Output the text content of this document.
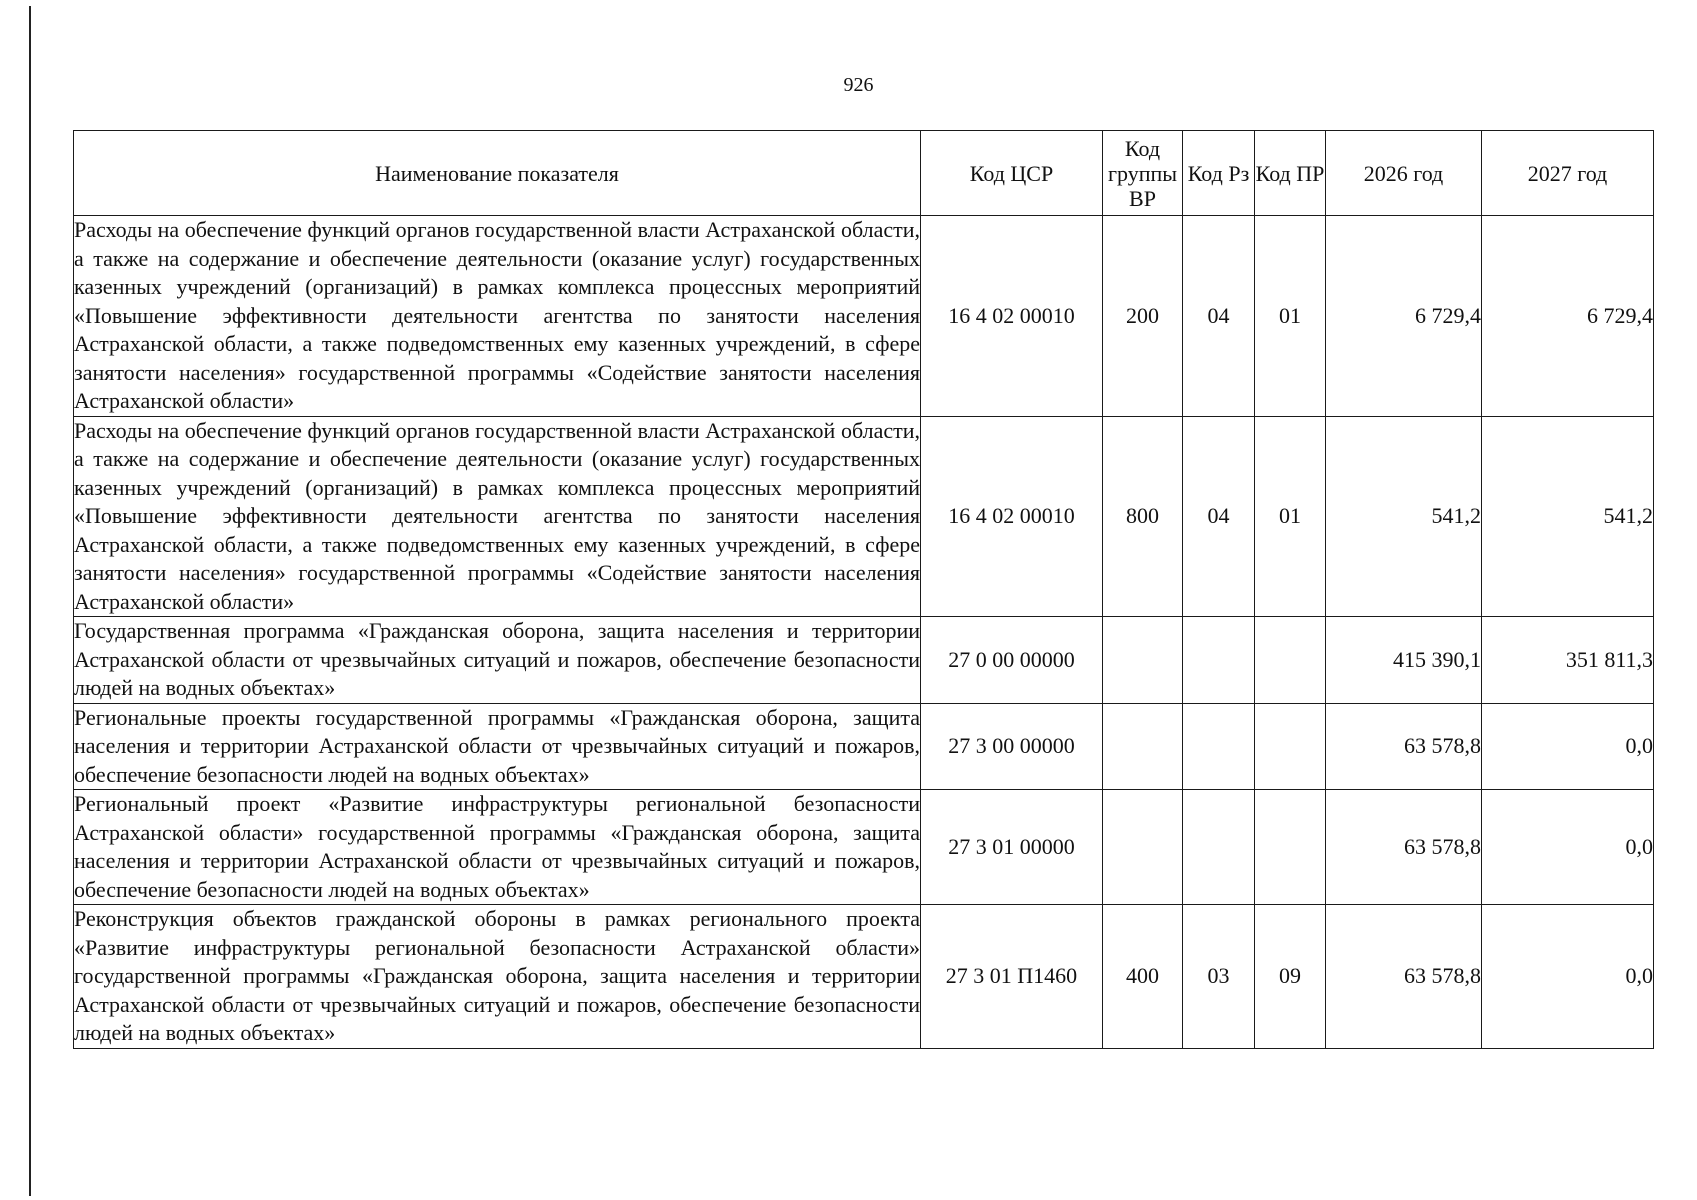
926
Наименование показателя	Код ЦСР	Код группы ВР	Код Рз	Код ПР	2026 год	2027 год
Расходы на обеспечение функций органов государственной власти Астраханской области, а также на содержание и обеспечение деятельности (оказание услуг) государственных казенных учреждений (организаций) в рамках комплекса процессных мероприятий «Повышение эффективности деятельности агентства по занятости населения Астраханской области, а также подведомственных ему казенных учреждений, в сфере занятости населения» государственной программы «Содействие занятости населения Астраханской области»	16 4 02 00010	200	04	01	6 729,4	6 729,4
Расходы на обеспечение функций органов государственной власти Астраханской области, а также на содержание и обеспечение деятельности (оказание услуг) государственных казенных учреждений (организаций) в рамках комплекса процессных мероприятий «Повышение эффективности деятельности агентства по занятости населения Астраханской области, а также подведомственных ему казенных учреждений, в сфере занятости населения» государственной программы «Содействие занятости населения Астраханской области»	16 4 02 00010	800	04	01	541,2	541,2
Государственная программа «Гражданская оборона, защита населения и территории Астраханской области от чрезвычайных ситуаций и пожаров, обеспечение безопасности людей на водных объектах»	27 0 00 00000				415 390,1	351 811,3
Региональные проекты государственной программы «Гражданская оборона, защита населения и территории Астраханской области от чрезвычайных ситуаций и пожаров, обеспечение безопасности людей на водных объектах»	27 3 00 00000				63 578,8	0,0
Региональный проект «Развитие инфраструктуры региональной безопасности Астраханской области» государственной программы «Гражданская оборона, защита населения и территории Астраханской области от чрезвычайных ситуаций и пожаров, обеспечение безопасности людей на водных объектах»	27 3 01 00000				63 578,8	0,0
Реконструкция объектов гражданской обороны в рамках регионального проекта «Развитие инфраструктуры региональной безопасности Астраханской области» государственной программы «Гражданская оборона, защита населения и территории Астраханской области от чрезвычайных ситуаций и пожаров, обеспечение безопасности людей на водных объектах»	27 3 01 П1460	400	03	09	63 578,8	0,0
